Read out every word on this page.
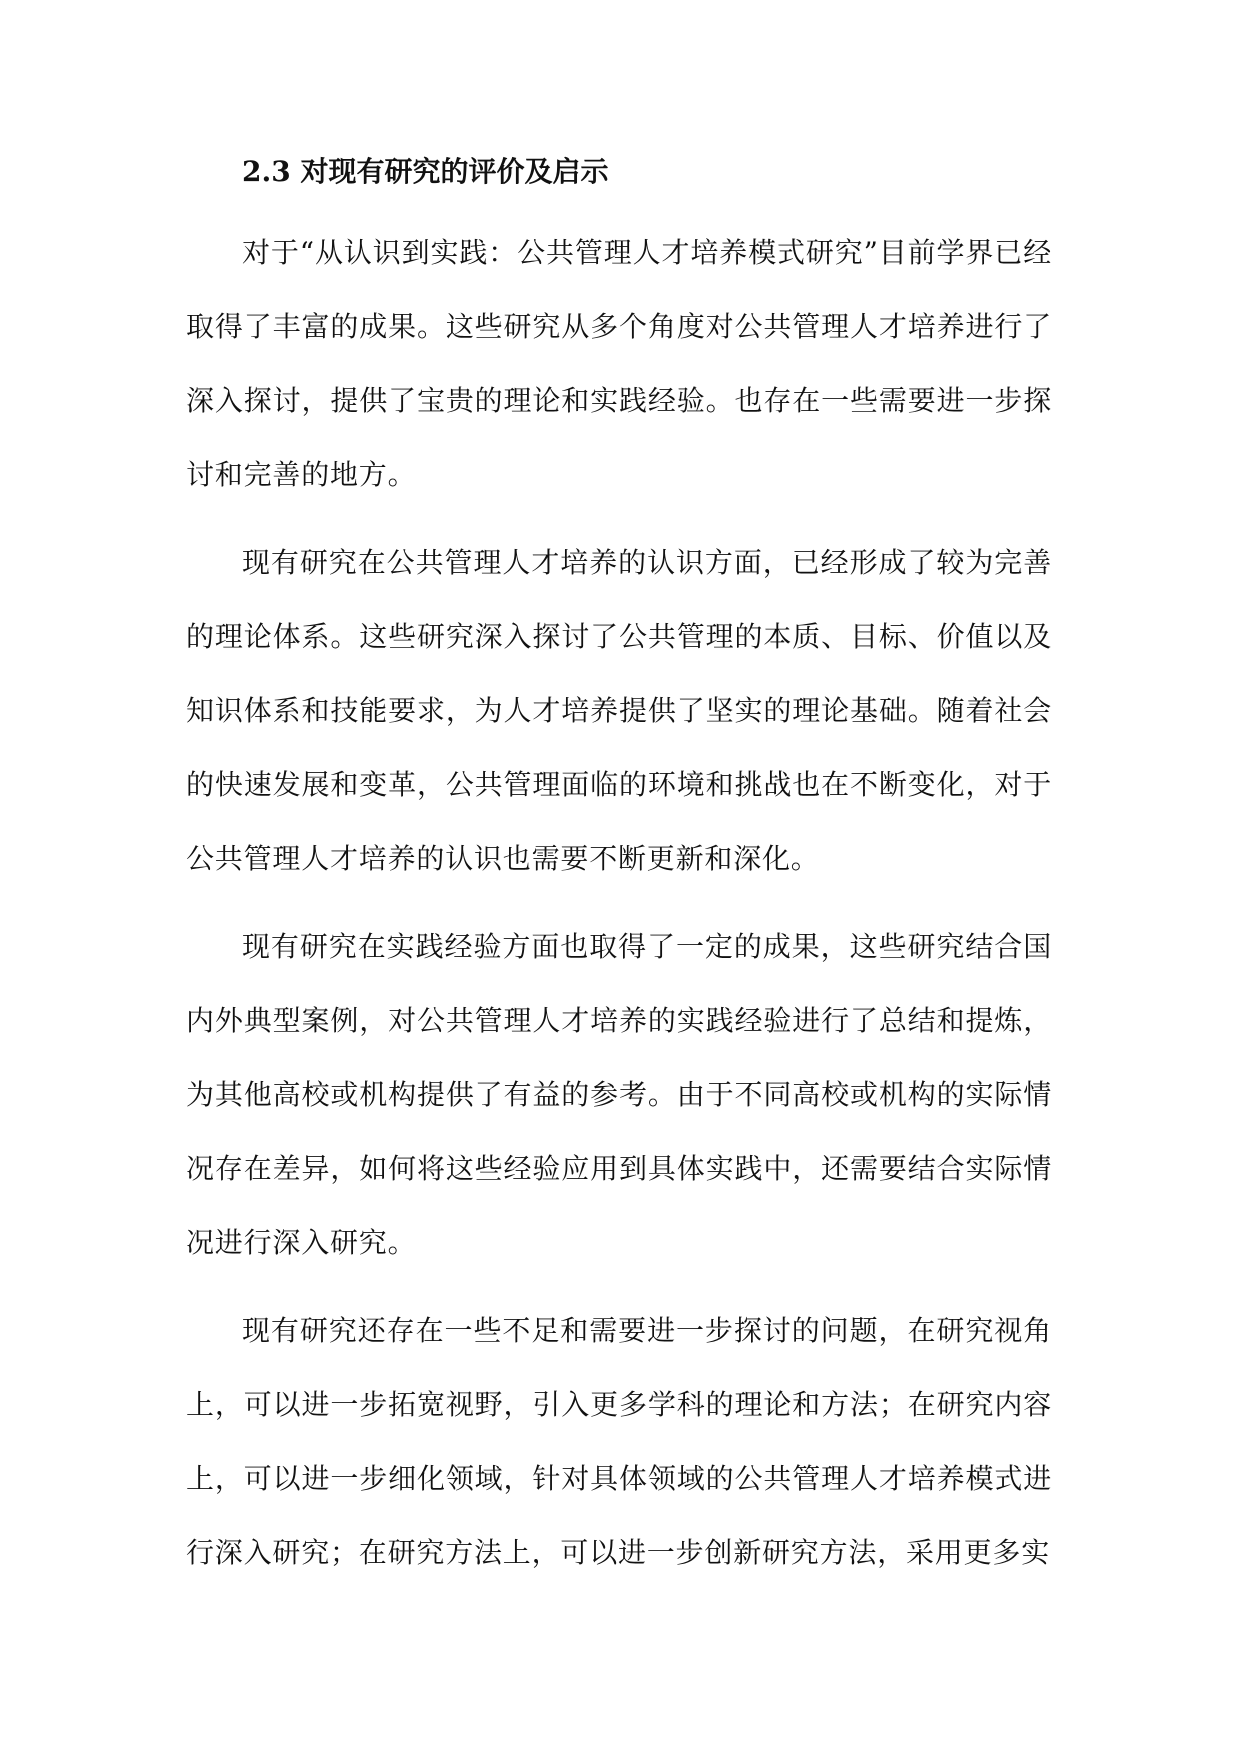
2.3 对现有研究的评价及启示

对于“从认识到实践：公共管理人才培养模式研究”目前学界已经取得了丰富的成果。这些研究从多个角度对公共管理人才培养进行了深入探讨，提供了宝贵的理论和实践经验。也存在一些需要进一步探讨和完善的地方。

现有研究在公共管理人才培养的认识方面，已经形成了较为完善的理论体系。这些研究深入探讨了公共管理的本质、目标、价值以及知识体系和技能要求，为人才培养提供了坚实的理论基础。随着社会的快速发展和变革，公共管理面临的环境和挑战也在不断变化，对于公共管理人才培养的认识也需要不断更新和深化。

现有研究在实践经验方面也取得了一定的成果，这些研究结合国内外典型案例，对公共管理人才培养的实践经验进行了总结和提炼，为其他高校或机构提供了有益的参考。由于不同高校或机构的实际情况存在差异，如何将这些经验应用到具体实践中，还需要结合实际情况进行深入研究。

现有研究还存在一些不足和需要进一步探讨的问题，在研究视角上，可以进一步拓宽视野，引入更多学科的理论和方法；在研究内容上，可以进一步细化领域，针对具体领域的公共管理人才培养模式进行深入研究；在研究方法上，可以进一步创新研究方法，采用更多实
